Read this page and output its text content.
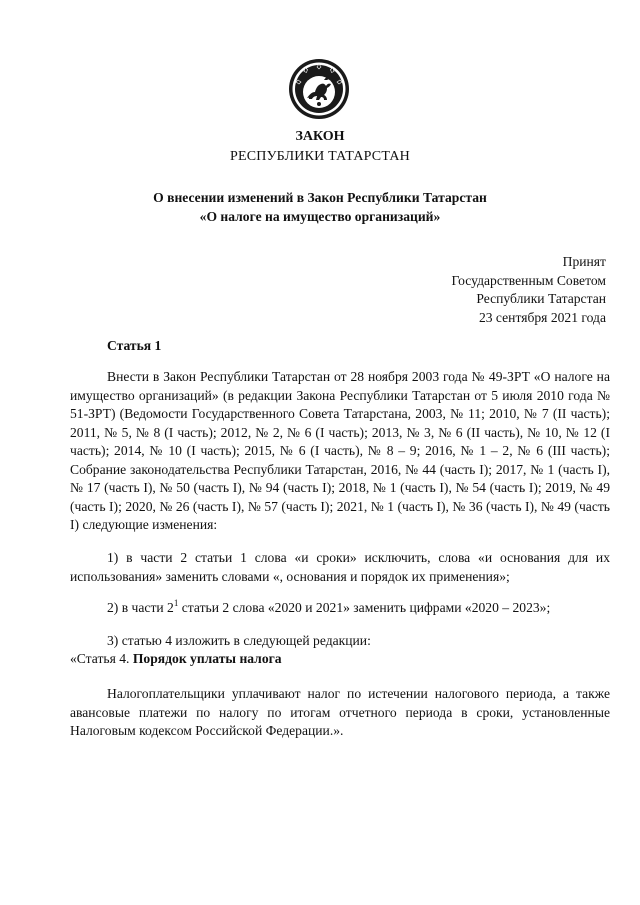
ЗАКОН
РЕСПУБЛИКИ ТАТАРСТАН
О внесении изменений в Закон Республики Татарстан
«О налоге на имущество организаций»
Принят
Государственным Советом
Республики Татарстан
23 сентября 2021 года
Статья 1
Внести в Закон Республики Татарстан от 28 ноября 2003 года № 49-ЗРТ «О налоге на имущество организаций» (в редакции Закона Республики Татарстан от 5 июля 2010 года № 51-ЗРТ) (Ведомости Государственного Совета Татарстана, 2003, № 11; 2010, № 7 (II часть); 2011, № 5, № 8 (I часть); 2012, № 2, № 6 (I часть); 2013, № 3, № 6 (II часть), № 10, № 12 (I часть); 2014, № 10 (I часть); 2015, № 6 (I часть), № 8 – 9; 2016, № 1 – 2, № 6 (III часть); Собрание законодательства Республики Татарстан, 2016, № 44 (часть I); 2017, № 1 (часть I), № 17 (часть I), № 50 (часть I), № 94 (часть I); 2018, № 1 (часть I), № 54 (часть I); 2019, № 49 (часть I); 2020, № 26 (часть I), № 57 (часть I); 2021, № 1 (часть I), № 36 (часть I), № 49 (часть I) следующие изменения:
1) в части 2 статьи 1 слова «и сроки» исключить, слова «и основания для их использования» заменить словами «, основания и порядок их применения»;
2) в части $2^1$ статьи 2 слова «2020 и 2021» заменить цифрами «2020 – 2023»;
3) статью 4 изложить в следующей редакции:
«Статья 4. Порядок уплаты налога
Налогоплательщики уплачивают налог по истечении налогового периода, а также авансовые платежи по налогу по итогам отчетного периода в сроки, установленные Налоговым кодексом Российской Федерации.».
